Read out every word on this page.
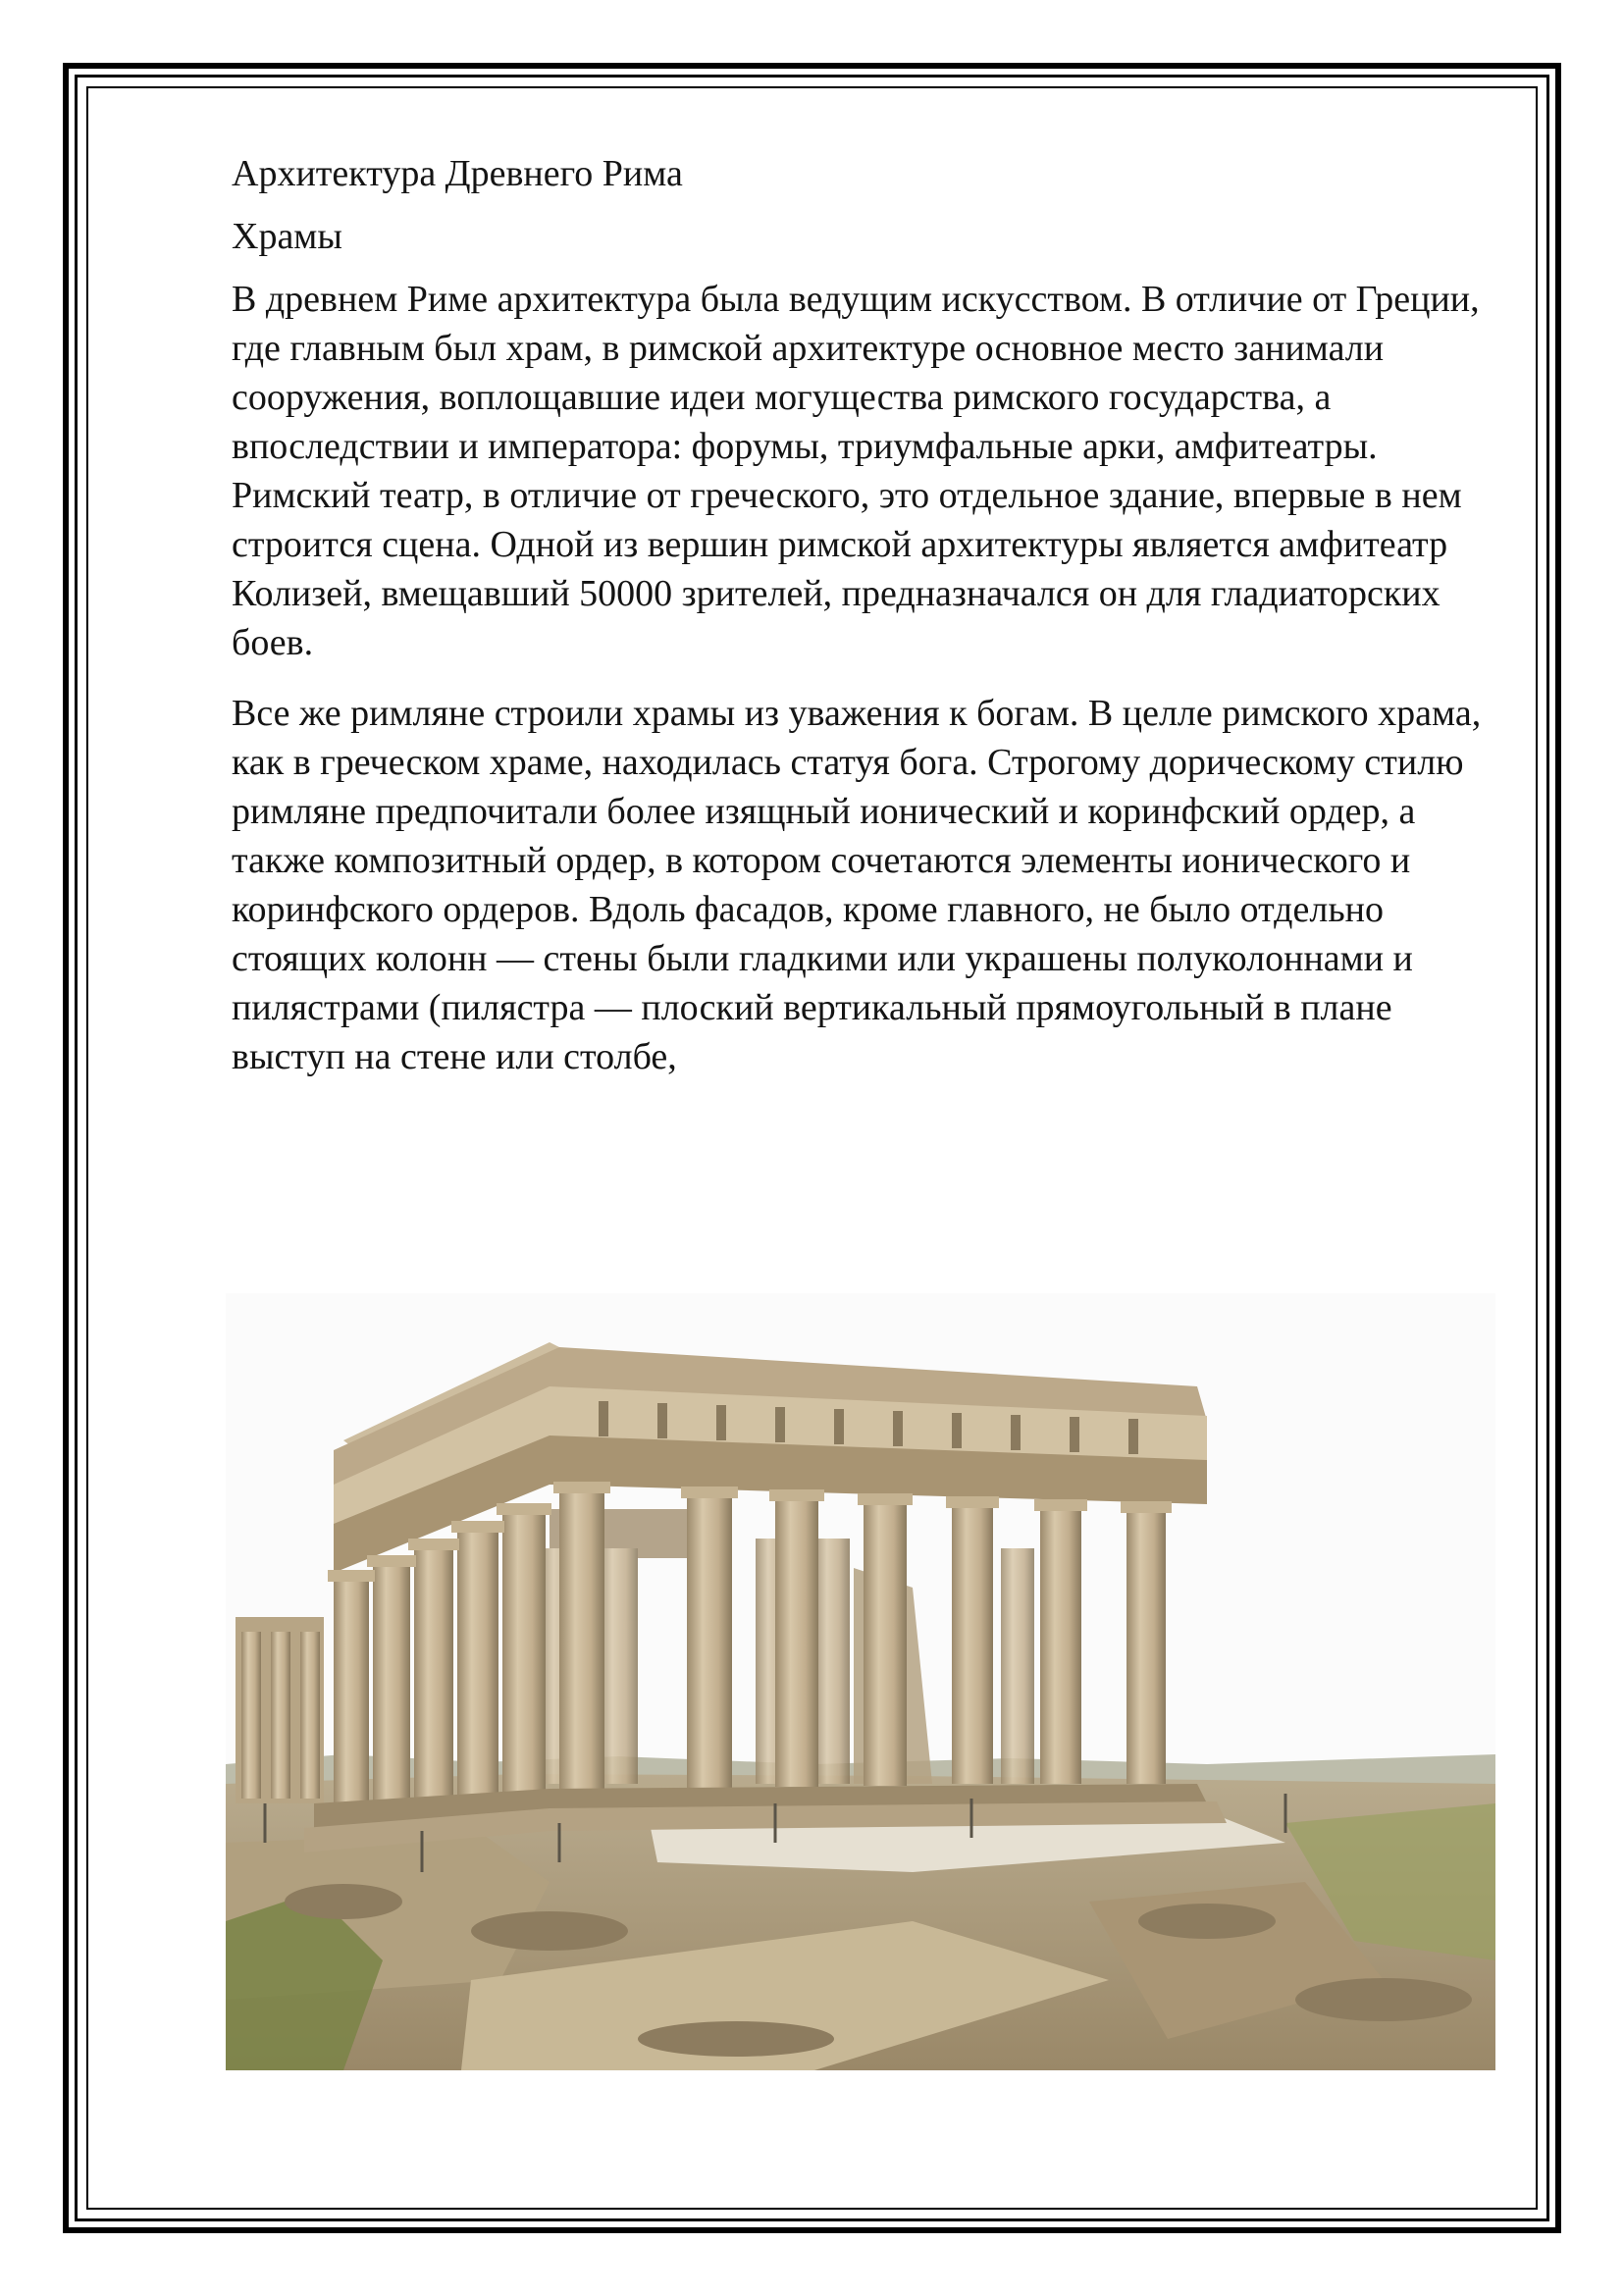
Архитектура Древнего Рима

Храмы

В древнем Риме архитектура была ведущим искусством. В отличие от Греции, где главным был храм, в римской архитектуре основное место занимали сооружения, воплощавшие идеи могущества римского государства, а впоследствии и императора: форумы, триумфальные арки, амфитеатры. Римский театр, в отличие от греческого, это отдельное здание, впервые в нем строится сцена. Одной из вершин римской архитектуры является амфитеатр Колизей, вмещавший 50000 зрителей, предназначался он для гладиаторских боев.

Все же римляне строили храмы из уважения к богам. В целле римского храма, как в греческом храме, находилась статуя бога. Строгому дорическому стилю римляне предпочитали более изящный ионический и коринфский ордер, а также композитный ордер, в котором сочетаются элементы ионического и коринфского ордеров. Вдоль фасадов, кроме главного, не было отдельно стоящих колонн — стены были гладкими или украшены полуколоннами и пилястрами (пилястра — плоский вертикальный прямоугольный в плане выступ на стене или столбе,
